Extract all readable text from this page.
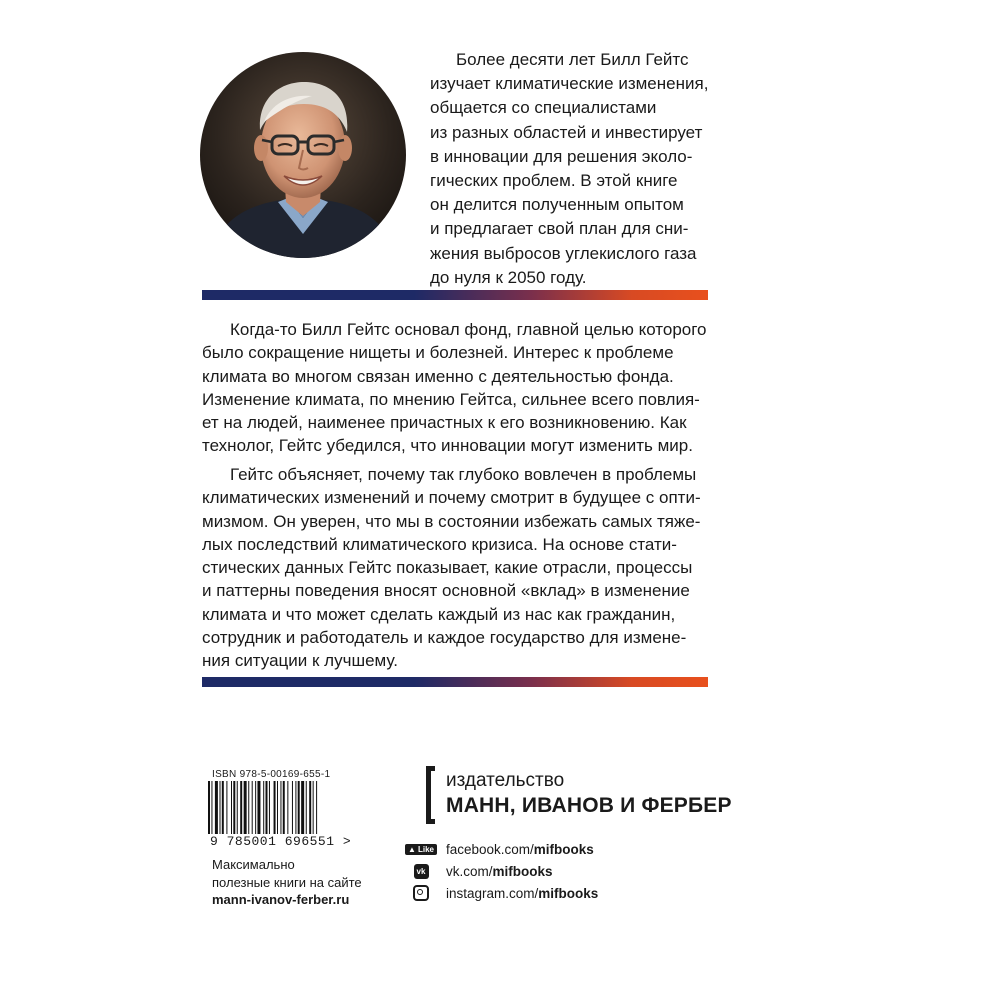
Более десяти лет Билл Гейтс
изучает климатические изменения,
общается со специалистами
из разных областей и инвестирует
в инновации для решения эколо-
гических проблем. В этой книге
он делится полученным опытом
и предлагает свой план для сни-
жения выбросов углекислого газа
до нуля к 2050 году.

Когда-то Билл Гейтс основал фонд, главной целью которого
было сокращение нищеты и болезней. Интерес к проблеме
климата во многом связан именно с деятельностью фонда.
Изменение климата, по мнению Гейтса, сильнее всего повлия-
ет на людей, наименее причастных к его возникновению. Как
технолог, Гейтс убедился, что инновации могут изменить мир.

Гейтс объясняет, почему так глубоко вовлечен в проблемы
климатических изменений и почему смотрит в будущее с опти-
мизмом. Он уверен, что мы в состоянии избежать самых тяже-
лых последствий климатического кризиса. На основе стати-
стических данных Гейтс показывает, какие отрасли, процессы
и паттерны поведения вносят основной «вклад» в изменение
климата и что может сделать каждый из нас как гражданин,
сотрудник и работодатель и каждое государство для измене-
ния ситуации к лучшему.

ISBN 978-5-00169-655-1
9 785001 696551 >
Максимально
полезные книги на сайте
mann-ivanov-ferber.ru
издательство
МАНН, ИВАНОВ И ФЕРБЕР
▲ Like facebook.com/ mifbooks
vk vk.com/ mifbooks
instagram.com/ mifbooks
